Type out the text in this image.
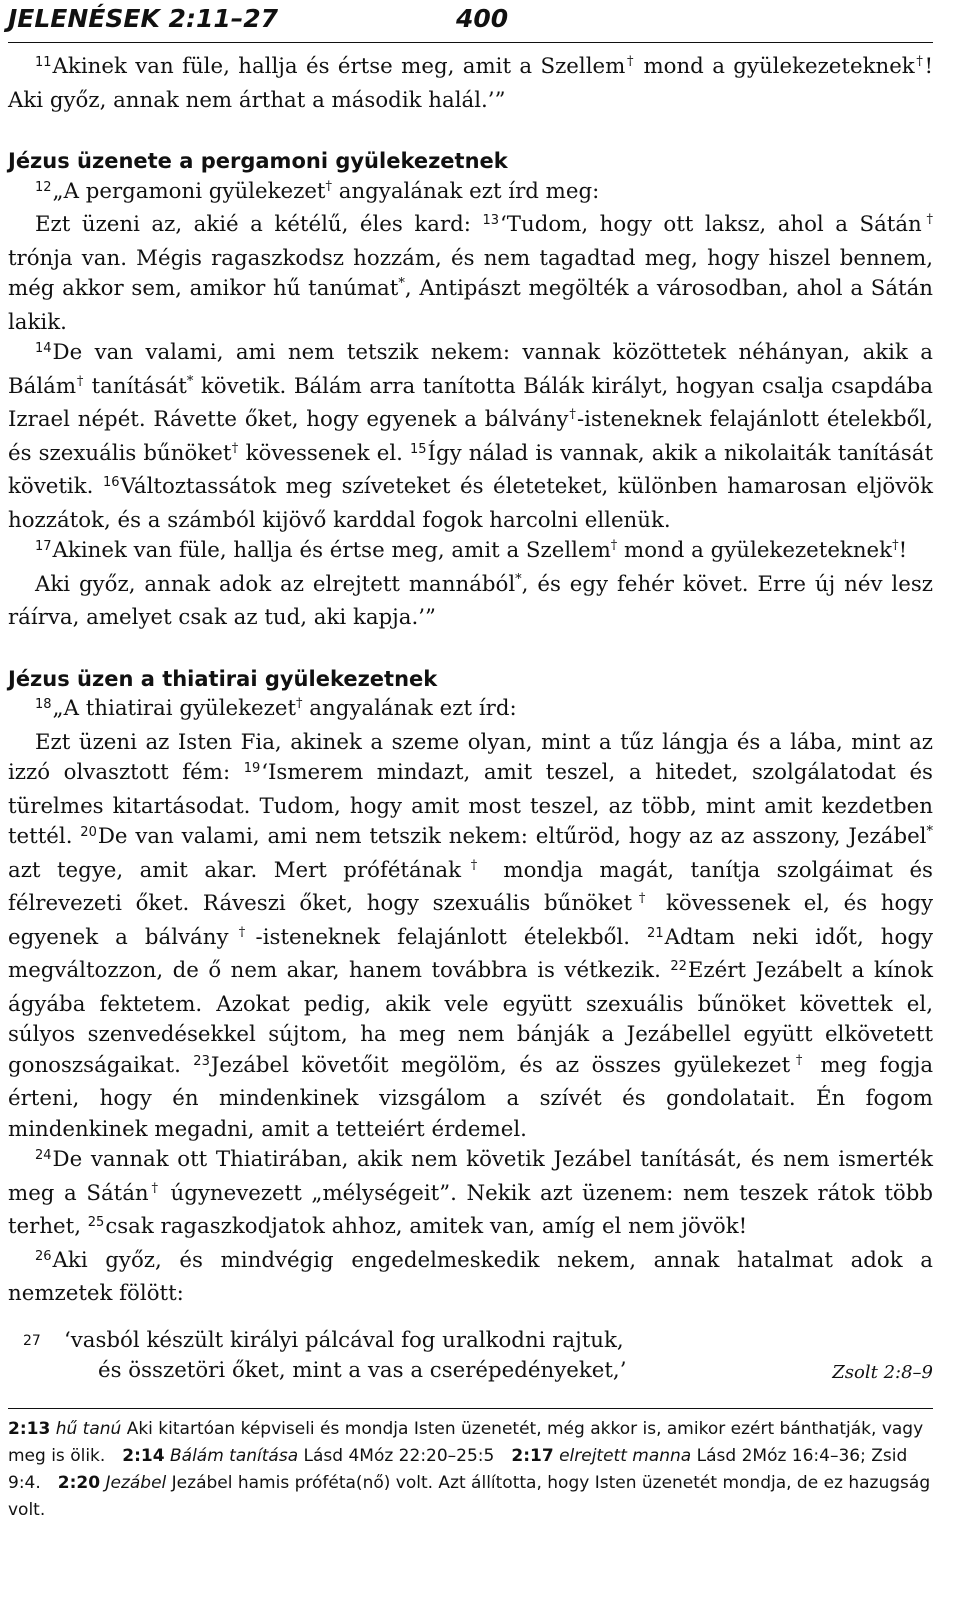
JELENÉSEK 2:11–27	400

$^{11}$Akinek van füle, hallja és értse meg, amit a Szellem† mond a gyülekezeteknek†! Aki győz, annak nem árthat a második halál.’”

Jézus üzenete a pergamoni gyülekezetnek

$^{12}$„A pergamoni gyülekezet† angyalának ezt írd meg:

Ezt üzeni az, akié a kétélű, éles kard: $^{13}$‘Tudom, hogy ott laksz, ahol a Sátán† trónja van. Mégis ragaszkodsz hozzám, és nem tagadtad meg, hogy hiszel bennem, még akkor sem, amikor hű tanúmat*, Antipászt megölték a városodban, ahol a Sátán lakik.

$^{14}$De van valami, ami nem tetszik nekem: vannak közöttetek néhányan, akik a Bálám† tanítását* követik. Bálám arra tanította Bálák királyt, hogyan csalja csapdába Izrael népét. Rávette őket, hogy egyenek a bálvány†-isteneknek felajánlott ételekből, és szexuális bűnöket† kövessenek el. $^{15}$Így nálad is vannak, akik a nikolaiták tanítását követik. $^{16}$Változtassátok meg szíveteket és életeteket, különben hamarosan eljövök hozzátok, és a számból kijövő karddal fogok harcolni ellenük.

$^{17}$Akinek van füle, hallja és értse meg, amit a Szellem† mond a gyülekezeteknek†!

Aki győz, annak adok az elrejtett mannából*, és egy fehér követ. Erre új név lesz ráírva, amelyet csak az tud, aki kapja.’”

Jézus üzen a thiatirai gyülekezetnek

$^{18}$„A thiatirai gyülekezet† angyalának ezt írd:

Ezt üzeni az Isten Fia, akinek a szeme olyan, mint a tűz lángja és a lába, mint az izzó olvasztott fém: $^{19}$‘Ismerem mindazt, amit teszel, a hitedet, szolgálatodat és türelmes kitartásodat. Tudom, hogy amit most teszel, az több, mint amit kezdetben tettél. $^{20}$De van valami, ami nem tetszik nekem: eltűröd, hogy az az asszony, Jezábel* azt tegye, amit akar. Mert prófétának† mondja magát, tanítja szolgáimat és félrevezeti őket. Ráveszi őket, hogy szexuális bűnöket† kövessenek el, és hogy egyenek a bálvány†-isteneknek felajánlott ételekből. $^{21}$Adtam neki időt, hogy megváltozzon, de ő nem akar, hanem továbbra is vétkezik. $^{22}$Ezért Jezábelt a kínok ágyába fektetem. Azokat pedig, akik vele együtt szexuális bűnöket követtek el, súlyos szenvedésekkel sújtom, ha meg nem bánják a Jezábellel együtt elkövetett gonoszságaikat. $^{23}$Jezábel követőit megölöm, és az összes gyülekezet† meg fogja érteni, hogy én mindenkinek vizsgálom a szívét és gondolatait. Én fogom mindenkinek megadni, amit a tetteiért érdemel.

$^{24}$De vannak ott Thiatirában, akik nem követik Jezábel tanítását, és nem ismerték meg a Sátán† úgynevezett „mélységeit”. Nekik azt üzenem: nem teszek rátok több terhet, $^{25}$csak ragaszkodjatok ahhoz, amitek van, amíg el nem jövök!

$^{26}$Aki győz, és mindvégig engedelmeskedik nekem, annak hatalmat adok a nemzetek fölött:

27 ‘vasból készült királyi pálcával fog uralkodni rajtuk,
és összetöri őket, mint a vas a cserépedényeket,’	Zsolt 2:8–9

2:13 hű tanú Aki kitartóan képviseli és mondja Isten üzenetét, még akkor is, amikor ezért bánthatják, vagy meg is ölik.  2:14 Bálám tanítása Lásd 4Móz 22:20–25:5  2:17 elrejtett manna Lásd 2Móz 16:4–36; Zsid 9:4.  2:20 Jezábel Jezábel hamis próféta(nő) volt. Azt állította, hogy Isten üzenetét mondja, de ez hazugság volt.
